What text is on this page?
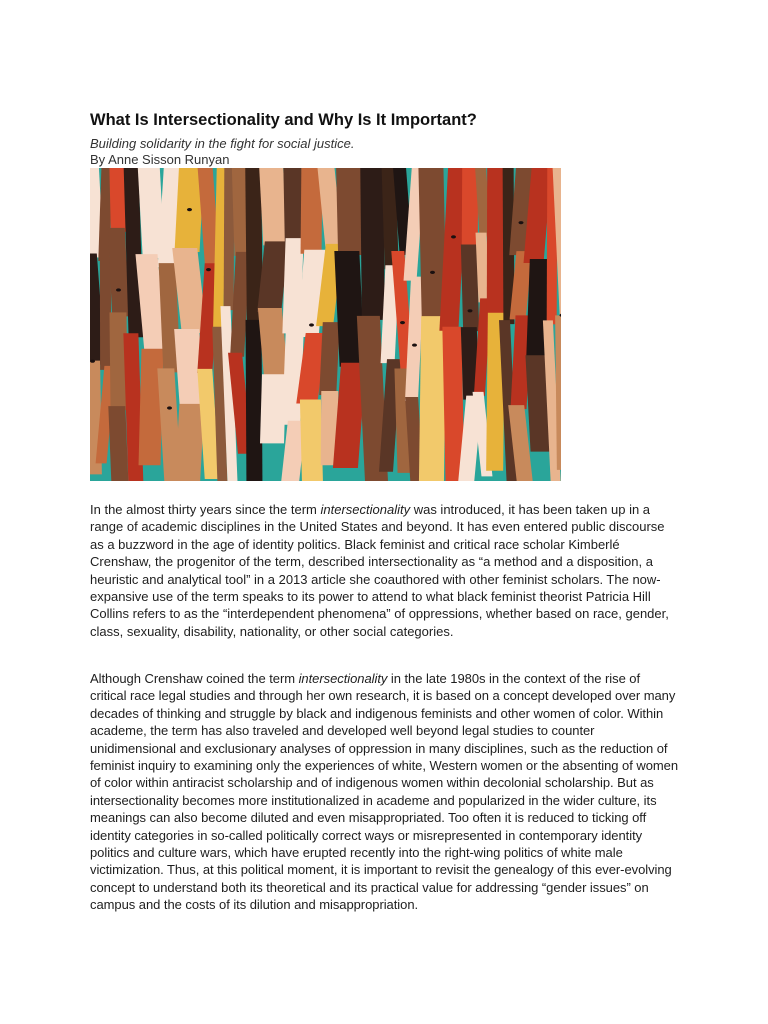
What Is Intersectionality and Why Is It Important?

Building solidarity in the fight for social justice.

By Anne Sisson Runyan

In the almost thirty years since the term intersectionality was introduced, it has been taken up in a range of academic disciplines in the United States and beyond. It has even entered public discourse as a buzzword in the age of identity politics. Black feminist and critical race scholar Kimberlé Crenshaw, the progenitor of the term, described intersectionality as “a method and a disposition, a heuristic and analytical tool” in a 2013 article she coauthored with other feminist scholars. The now-expansive use of the term speaks to its power to attend to what black feminist theorist Patricia Hill Collins refers to as the “interdependent phenomena” of oppressions, whether based on race, gender, class, sexuality, disability, nationality, or other social categories.

Although Crenshaw coined the term intersectionality in the late 1980s in the context of the rise of critical race legal studies and through her own research, it is based on a concept developed over many decades of thinking and struggle by black and indigenous feminists and other women of color. Within academe, the term has also traveled and developed well beyond legal studies to counter unidimensional and exclusionary analyses of oppression in many disciplines, such as the reduction of feminist inquiry to examining only the experiences of white, Western women or the absenting of women of color within antiracist scholarship and of indigenous women within decolonial scholarship. But as intersectionality becomes more institutionalized in academe and popularized in the wider culture, its meanings can also become diluted and even misappropriated. Too often it is reduced to ticking off identity categories in so-called politically correct ways or misrepresented in contemporary identity politics and culture wars, which have erupted recently into the right-wing politics of white male victimization. Thus, at this political moment, it is important to revisit the genealogy of this ever-evolving concept to understand both its theoretical and its practical value for addressing “gender issues” on campus and the costs of its dilution and misappropriation.
